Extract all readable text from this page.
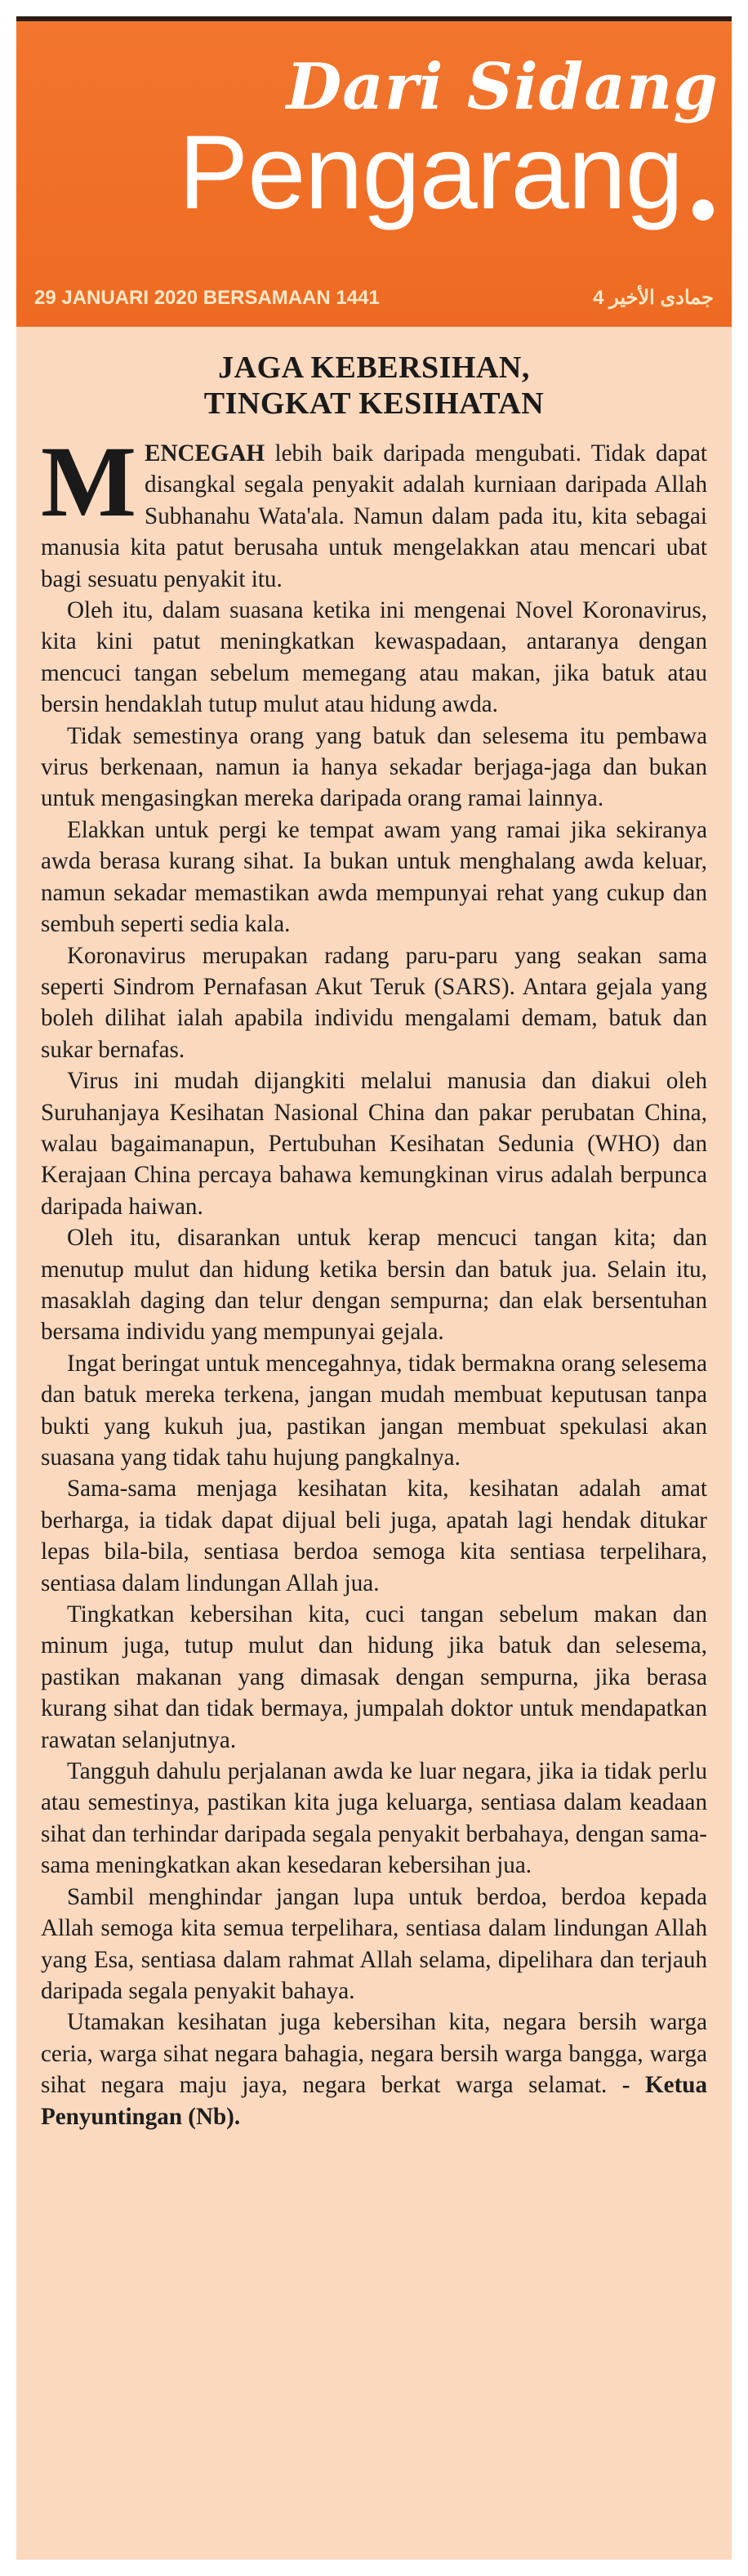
Dari Sidang
Pengarang
29 JANUARI 2020 BERSAMAAN 1441	جمادى الأخير 4
JAGA KEBERSIHAN,
TINGKAT KESIHATAN

MENCEGAH lebih baik daripada mengubati. Tidak dapat disangkal segala penyakit adalah kurniaan daripada Allah Subhanahu Wata'ala. Namun dalam pada itu, kita sebagai manusia kita patut berusaha untuk mengelakkan atau mencari ubat bagi sesuatu penyakit itu.

Oleh itu, dalam suasana ketika ini mengenai Novel Koronavirus, kita kini patut meningkatkan kewaspadaan, antaranya dengan mencuci tangan sebelum memegang atau makan, jika batuk atau bersin hendaklah tutup mulut atau hidung awda.

Tidak semestinya orang yang batuk dan selesema itu pembawa virus berkenaan, namun ia hanya sekadar berjaga-jaga dan bukan untuk mengasingkan mereka daripada orang ramai lainnya.

Elakkan untuk pergi ke tempat awam yang ramai jika sekiranya awda berasa kurang sihat. Ia bukan untuk menghalang awda keluar, namun sekadar memastikan awda mempunyai rehat yang cukup dan sembuh seperti sedia kala.

Koronavirus merupakan radang paru-paru yang seakan sama seperti Sindrom Pernafasan Akut Teruk (SARS). Antara gejala yang boleh dilihat ialah apabila individu mengalami demam, batuk dan sukar bernafas.

Virus ini mudah dijangkiti melalui manusia dan diakui oleh Suruhanjaya Kesihatan Nasional China dan pakar perubatan China, walau bagaimanapun, Pertubuhan Kesihatan Sedunia (WHO) dan Kerajaan China percaya bahawa kemungkinan virus adalah berpunca daripada haiwan.

Oleh itu, disarankan untuk kerap mencuci tangan kita; dan menutup mulut dan hidung ketika bersin dan batuk jua. Selain itu, masaklah daging dan telur dengan sempurna; dan elak bersentuhan bersama individu yang mempunyai gejala.

Ingat beringat untuk mencegahnya, tidak bermakna orang selesema dan batuk mereka terkena, jangan mudah membuat keputusan tanpa bukti yang kukuh jua, pastikan jangan membuat spekulasi akan suasana yang tidak tahu hujung pangkalnya.

Sama-sama menjaga kesihatan kita, kesihatan adalah amat berharga, ia tidak dapat dijual beli juga, apatah lagi hendak ditukar lepas bila-bila, sentiasa berdoa semoga kita sentiasa terpelihara, sentiasa dalam lindungan Allah jua.

Tingkatkan kebersihan kita, cuci tangan sebelum makan dan minum juga, tutup mulut dan hidung jika batuk dan selesema, pastikan makanan yang dimasak dengan sempurna, jika berasa kurang sihat dan tidak bermaya, jumpalah doktor untuk mendapatkan rawatan selanjutnya.

Tangguh dahulu perjalanan awda ke luar negara, jika ia tidak perlu atau semestinya, pastikan kita juga keluarga, sentiasa dalam keadaan sihat dan terhindar daripada segala penyakit berbahaya, dengan sama-sama meningkatkan akan kesedaran kebersihan jua.

Sambil menghindar jangan lupa untuk berdoa, berdoa kepada Allah semoga kita semua terpelihara, sentiasa dalam lindungan Allah yang Esa, sentiasa dalam rahmat Allah selama, dipelihara dan terjauh daripada segala penyakit bahaya.

Utamakan kesihatan juga kebersihan kita, negara bersih warga ceria, warga sihat negara bahagia, negara bersih warga bangga, warga sihat negara maju jaya, negara berkat warga selamat. - Ketua Penyuntingan (Nb).
